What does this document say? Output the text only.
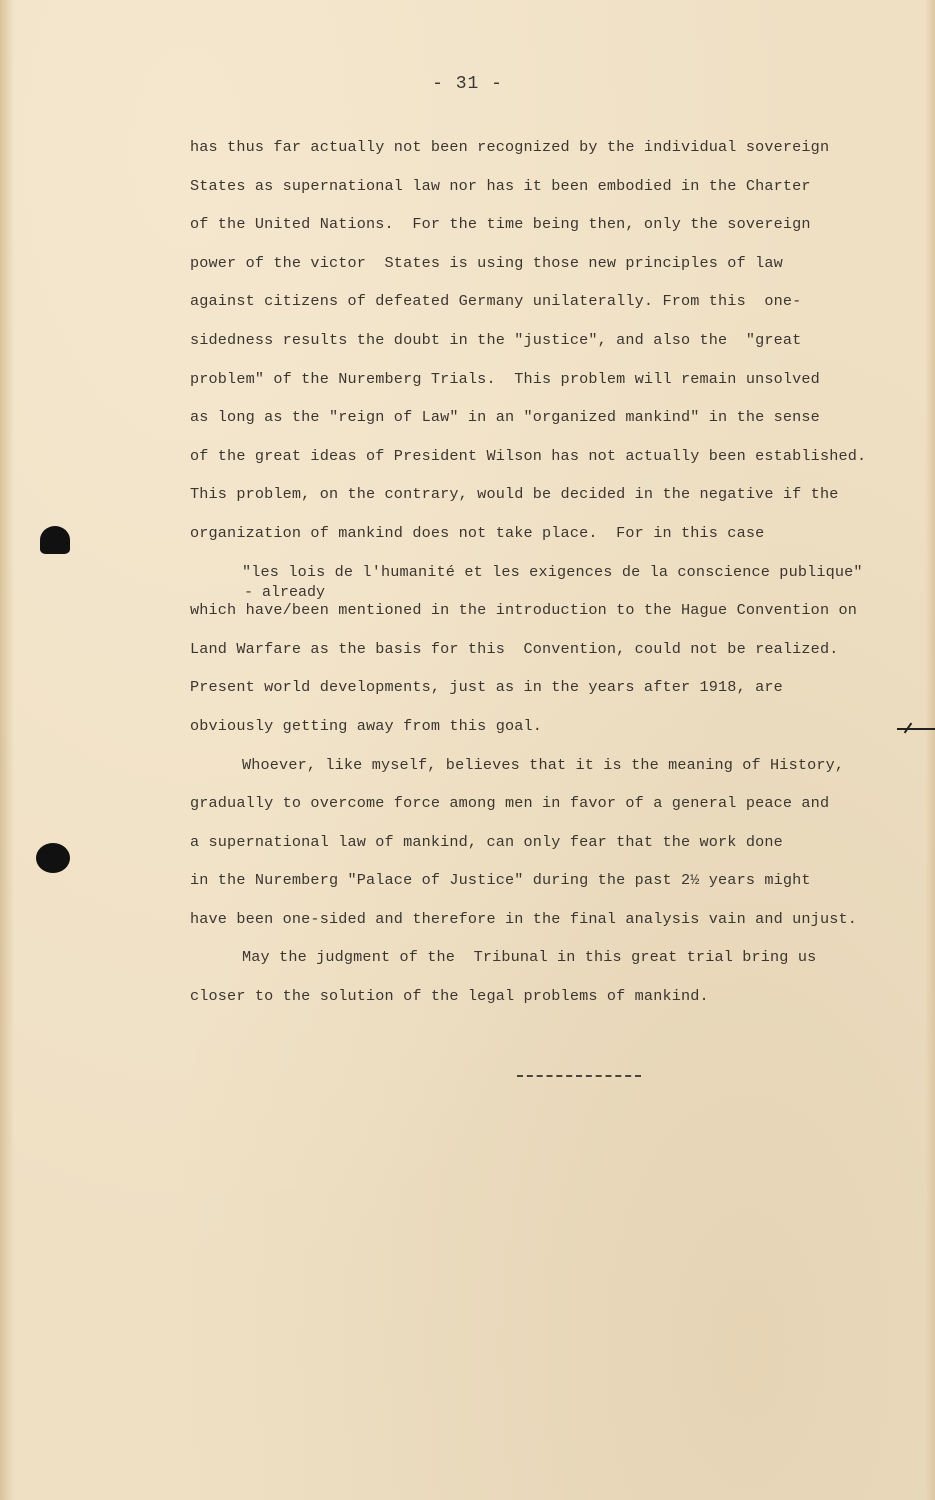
- 31 -
- already
has thus far actually not been recognized by the individual sovereign
States as supernational law nor has it been embodied in the Charter
of the United Nations.  For the time being then, only the sovereign
power of the victor  States is using those new principles of law
against citizens of defeated Germany unilaterally. From this  one-
sidedness results the doubt in the "justice", and also the  "great
problem" of the Nuremberg Trials.  This problem will remain unsolved
as long as the "reign of Law" in an "organized mankind" in the sense
of the great ideas of President Wilson has not actually been established.
This problem, on the contrary, would be decided in the negative if the
organization of mankind does not take place.  For in this case
"les lois de l'humanité et les exigences de la conscience publique"
which have/been mentioned in the introduction to the Hague Convention on
Land Warfare as the basis for this  Convention, could not be realized.
Present world developments, just as in the years after 1918, are
obviously getting away from this goal.
Whoever, like myself, believes that it is the meaning of History,
gradually to overcome force among men in favor of a general peace and
a supernational law of mankind, can only fear that the work done
in the Nuremberg "Palace of Justice" during the past 2½ years might
have been one-sided and therefore in the final analysis vain and unjust.
May the judgment of the  Tribunal in this great trial bring us
closer to the solution of the legal problems of mankind.
